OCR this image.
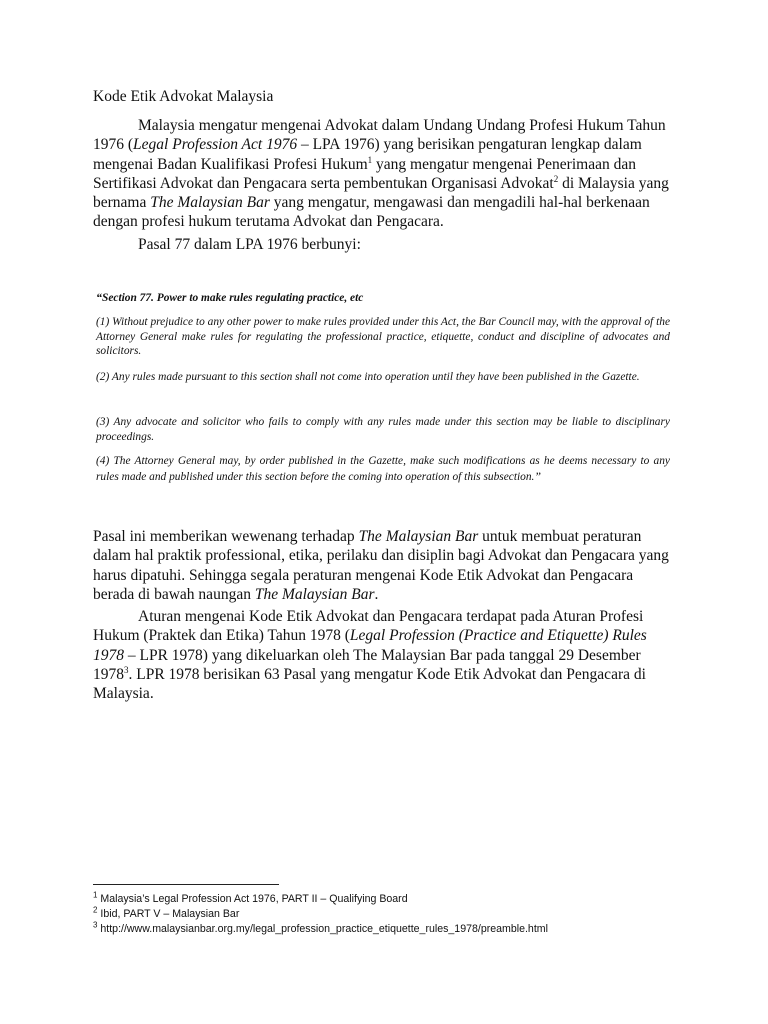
Kode Etik Advokat Malaysia

Malaysia mengatur mengenai Advokat dalam Undang Undang Profesi Hukum Tahun 1976 (Legal Profession Act 1976 – LPA 1976) yang berisikan pengaturan lengkap dalam mengenai Badan Kualifikasi Profesi Hukum$^1$ yang mengatur mengenai Penerimaan dan Sertifikasi Advokat dan Pengacara serta pembentukan Organisasi Advokat$^2$ di Malaysia yang bernama The Malaysian Bar yang mengatur, mengawasi dan mengadili hal-hal berkenaan dengan profesi hukum terutama Advokat dan Pengacara.

Pasal 77 dalam LPA 1976 berbunyi:

“Section 77. Power to make rules regulating practice, etc

(1) Without prejudice to any other power to make rules provided under this Act, the Bar Council may, with the approval of the Attorney General make rules for regulating the professional practice, etiquette, conduct and discipline of advocates and solicitors.

(2) Any rules made pursuant to this section shall not come into operation until they have been published in the Gazette.

(3) Any advocate and solicitor who fails to comply with any rules made under this section may be liable to disciplinary proceedings.

(4) The Attorney General may, by order published in the Gazette, make such modifications as he deems necessary to any rules made and published under this section before the coming into operation of this subsection.”

Pasal ini memberikan wewenang terhadap The Malaysian Bar untuk membuat peraturan dalam hal praktik professional, etika, perilaku dan disiplin bagi Advokat dan Pengacara yang harus dipatuhi. Sehingga segala peraturan mengenai Kode Etik Advokat dan Pengacara berada di bawah naungan The Malaysian Bar.

Aturan mengenai Kode Etik Advokat dan Pengacara terdapat pada Aturan Profesi Hukum (Praktek dan Etika) Tahun 1978 (Legal Profession (Practice and Etiquette) Rules 1978 – LPR 1978) yang dikeluarkan oleh The Malaysian Bar pada tanggal 29 Desember 1978$^3$. LPR 1978 berisikan 63 Pasal yang mengatur Kode Etik Advokat dan Pengacara di Malaysia.

$^1$ Malaysia’s Legal Profession Act 1976, PART II – Qualifying Board
$^2$ Ibid, PART V – Malaysian Bar
$^3$ http://www.malaysianbar.org.my/legal_profession_practice_etiquette_rules_1978/preamble.html
